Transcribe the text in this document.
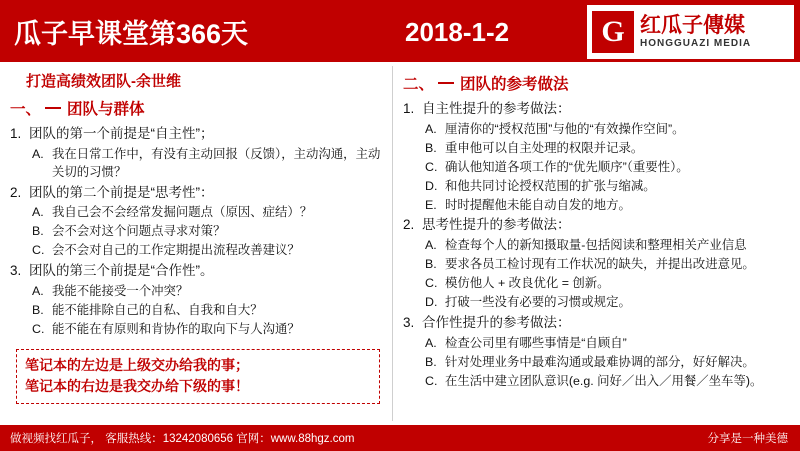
瓜子早课堂第366天	2018-1-2	G 红瓜子傳媒
HONGGUAZI MEDIA
打造高绩效团队-余世维
一、 团队与群体
1. 团队的第一个前提是“自主性”；
A. 我在日常工作中，有没有主动回报（反馈），主动沟通，主动关切的习惯？
2. 团队的第二个前提是“思考性”：
A. 我自己会不会经常发掘问题点（原因、症结）？
B. 会不会对这个问题点寻求对策？
C. 会不会对自己的工作定期提出流程改善建议？
3. 团队的第三个前提是“合作性”。
A. 我能不能接受一个冲突？
B. 能不能排除自己的自私、自我和自大？
C. 能不能在有原则和肯协作的取向下与人沟通？
笔记本的左边是上级交办给我的事；
笔记本的右边是我交办给下级的事！
二、 团队的参考做法
1. 自主性提升的参考做法：
A. 厘清你的“授权范围”与他的“有效操作空间”。
B. 重申他可以自主处理的权限并记录。
C. 确认他知道各项工作的“优先顺序”（重要性）。
D. 和他共同讨论授权范围的扩张与缩减。
E. 时时提醒他未能自动自发的地方。
2. 思考性提升的参考做法：
A. 检查每个人的新知摄取量-包括阅读和整理相关产业信息
B. 要求各员工检讨现有工作状况的缺失，并提出改进意见。
C. 模仿他人 + 改良优化 = 创新。
D. 打破一些没有必要的习惯或规定。
3. 合作性提升的参考做法：
A. 检查公司里有哪些事情是“自顾自”
B. 针对处理业务中最难沟通或最难协调的部分，好好解决。
C. 在生活中建立团队意识(e.g. 问好／出入／用餐／坐车等)。
做视频找红瓜子， 客服热线：13242080656 官网：www.88hgz.com	分享是一种美德
